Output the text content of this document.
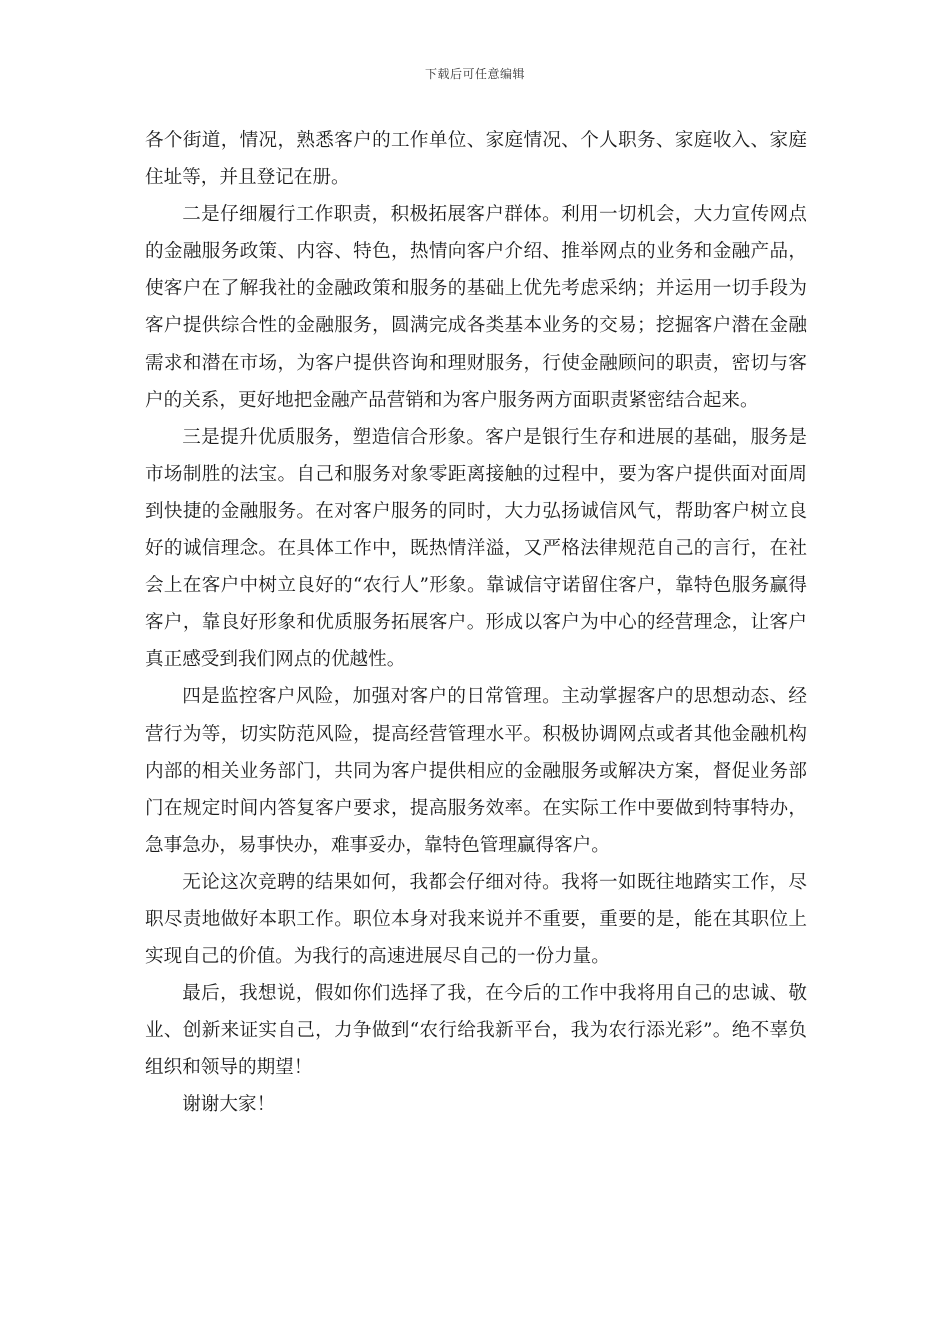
下载后可任意编辑

各个街道，情况，熟悉客户的工作单位、家庭情况、个人职务、家庭收入、家庭住址等，并且登记在册。

二是仔细履行工作职责，积极拓展客户群体。利用一切机会，大力宣传网点的金融服务政策、内容、特色，热情向客户介绍、推举网点的业务和金融产品，使客户在了解我社的金融政策和服务的基础上优先考虑采纳；并运用一切手段为客户提供综合性的金融服务，圆满完成各类基本业务的交易；挖掘客户潜在金融需求和潜在市场，为客户提供咨询和理财服务，行使金融顾问的职责，密切与客户的关系，更好地把金融产品营销和为客户服务两方面职责紧密结合起来。

三是提升优质服务，塑造信合形象。客户是银行生存和进展的基础，服务是市场制胜的法宝。自己和服务对象零距离接触的过程中，要为客户提供面对面周到快捷的金融服务。在对客户服务的同时，大力弘扬诚信风气，帮助客户树立良好的诚信理念。在具体工作中，既热情洋溢，又严格法律规范自己的言行，在社会上在客户中树立良好的“农行人”形象。靠诚信守诺留住客户，靠特色服务赢得客户，靠良好形象和优质服务拓展客户。形成以客户为中心的经营理念，让客户真正感受到我们网点的优越性。

四是监控客户风险，加强对客户的日常管理。主动掌握客户的思想动态、经营行为等，切实防范风险，提高经营管理水平。积极协调网点或者其他金融机构内部的相关业务部门，共同为客户提供相应的金融服务或解决方案，督促业务部门在规定时间内答复客户要求，提高服务效率。在实际工作中要做到特事特办，急事急办，易事快办，难事妥办，靠特色管理赢得客户。

无论这次竞聘的结果如何，我都会仔细对待。我将一如既往地踏实工作，尽职尽责地做好本职工作。职位本身对我来说并不重要，重要的是，能在其职位上实现自己的价值。为我行的高速进展尽自己的一份力量。

最后，我想说，假如你们选择了我，在今后的工作中我将用自己的忠诚、敬业、创新来证实自己，力争做到“农行给我新平台，我为农行添光彩”。绝不辜负组织和领导的期望！

谢谢大家！
